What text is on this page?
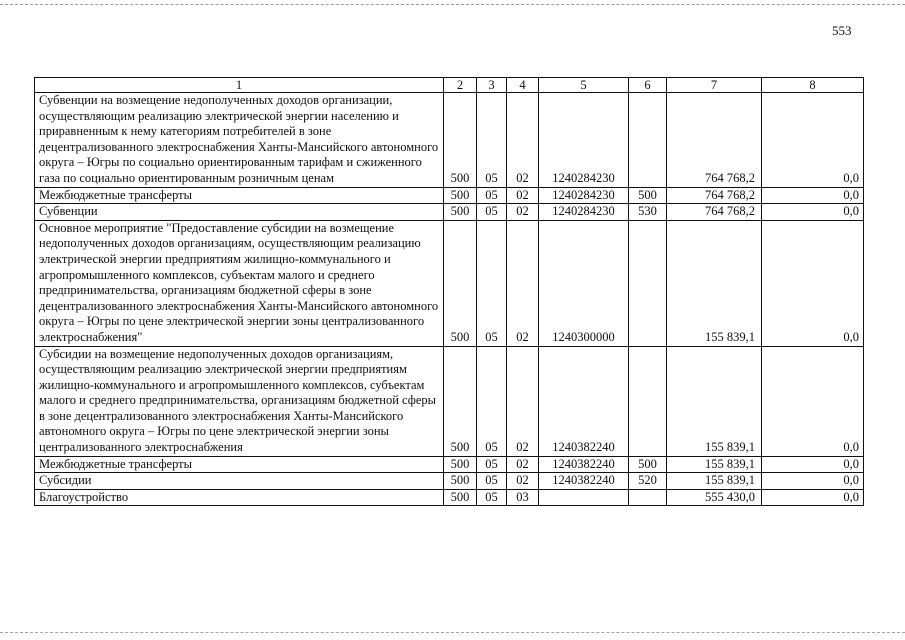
553
1	2	3	4	5	6	7	8
Субвенции на возмещение недополученных доходов организации, осуществляющим реализацию электрической энергии населению и приравненным к нему категориям потребителей в зоне децентрализованного электроснабжения Ханты-Мансийского автономного округа – Югры по социально ориентированным тарифам и сжиженного газа по социально ориентированным розничным ценам	500	05	02	1240284230		764 768,2	0,0
Межбюджетные трансферты	500	05	02	1240284230	500	764 768,2	0,0
Субвенции	500	05	02	1240284230	530	764 768,2	0,0
Основное мероприятие "Предоставление субсидии на возмещение недополученных доходов организациям, осуществляющим реализацию электрической энергии предприятиям жилищно-коммунального и агропромышленного комплексов, субъектам малого и среднего предпринимательства, организациям бюджетной сферы в зоне децентрализованного электроснабжения Ханты-Мансийского автономного округа – Югры по цене электрической энергии зоны централизованного электроснабжения"	500	05	02	1240300000		155 839,1	0,0
Субсидии на возмещение недополученных доходов организациям, осуществляющим реализацию электрической энергии предприятиям жилищно-коммунального и агропромышленного комплексов, субъектам малого и среднего предпринимательства, организациям бюджетной сферы в зоне децентрализованного электроснабжения Ханты-Мансийского автономного округа – Югры по цене электрической энергии зоны централизованного электроснабжения	500	05	02	1240382240		155 839,1	0,0
Межбюджетные трансферты	500	05	02	1240382240	500	155 839,1	0,0
Субсидии	500	05	02	1240382240	520	155 839,1	0,0
Благоустройство	500	05	03			555 430,0	0,0
